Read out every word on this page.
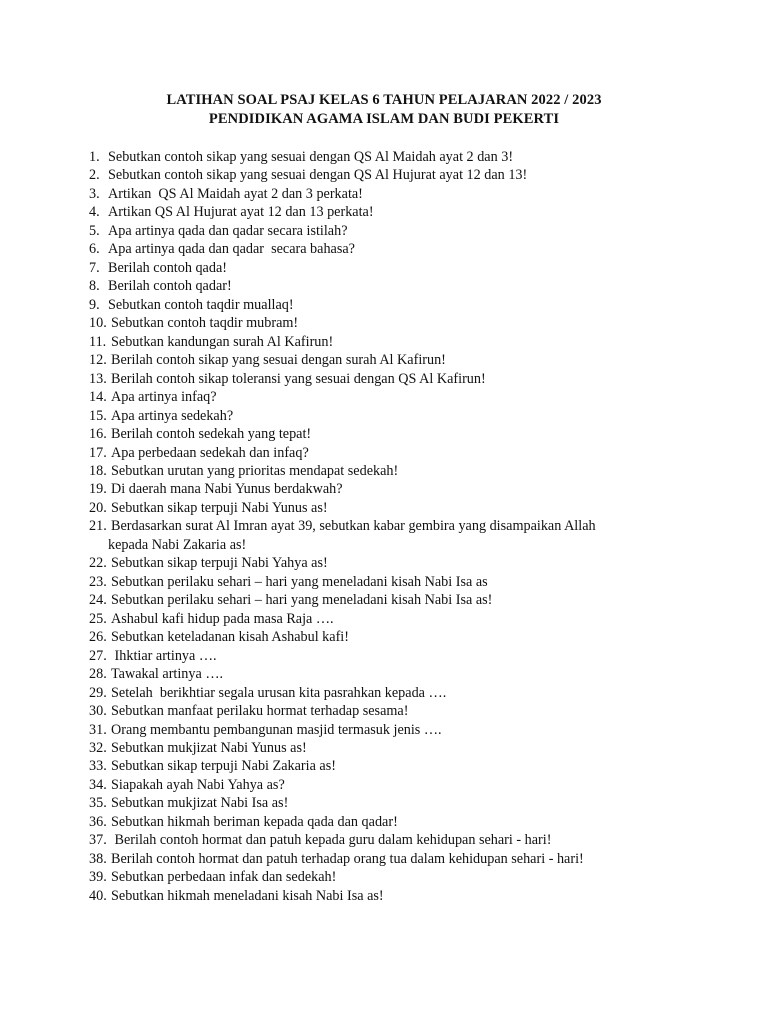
LATIHAN SOAL PSAJ KELAS 6 TAHUN PELAJARAN 2022 / 2023
PENDIDIKAN AGAMA ISLAM DAN BUDI PEKERTI
1. Sebutkan contoh sikap yang sesuai dengan QS Al Maidah ayat 2 dan 3!
2. Sebutkan contoh sikap yang sesuai dengan QS Al Hujurat ayat 12 dan 13!
3. Artikan  QS Al Maidah ayat 2 dan 3 perkata!
4. Artikan QS Al Hujurat ayat 12 dan 13 perkata!
5. Apa artinya qada dan qadar secara istilah?
6. Apa artinya qada dan qadar  secara bahasa?
7. Berilah contoh qada!
8. Berilah contoh qadar!
9. Sebutkan contoh taqdir muallaq!
10. Sebutkan contoh taqdir mubram!
11. Sebutkan kandungan surah Al Kafirun!
12. Berilah contoh sikap yang sesuai dengan surah Al Kafirun!
13. Berilah contoh sikap toleransi yang sesuai dengan QS Al Kafirun!
14. Apa artinya infaq?
15. Apa artinya sedekah?
16. Berilah contoh sedekah yang tepat!
17. Apa perbedaan sedekah dan infaq?
18. Sebutkan urutan yang prioritas mendapat sedekah!
19. Di daerah mana Nabi Yunus berdakwah?
20. Sebutkan sikap terpuji Nabi Yunus as!
21. Berdasarkan surat Al Imran ayat 39, sebutkan kabar gembira yang disampaikan Allah
kepada Nabi Zakaria as!
22. Sebutkan sikap terpuji Nabi Yahya as!
23. Sebutkan perilaku sehari – hari yang meneladani kisah Nabi Isa as
24. Sebutkan perilaku sehari – hari yang meneladani kisah Nabi Isa as!
25. Ashabul kafi hidup pada masa Raja ….
26. Sebutkan keteladanan kisah Ashabul kafi!
27. Ihktiar artinya ….
28. Tawakal artinya ….
29. Setelah  berikhtiar segala urusan kita pasrahkan kepada ….
30. Sebutkan manfaat perilaku hormat terhadap sesama!
31. Orang membantu pembangunan masjid termasuk jenis ….
32. Sebutkan mukjizat Nabi Yunus as!
33. Sebutkan sikap terpuji Nabi Zakaria as!
34. Siapakah ayah Nabi Yahya as?
35. Sebutkan mukjizat Nabi Isa as!
36. Sebutkan hikmah beriman kepada qada dan qadar!
37. Berilah contoh hormat dan patuh kepada guru dalam kehidupan sehari - hari!
38. Berilah contoh hormat dan patuh terhadap orang tua dalam kehidupan sehari - hari!
39. Sebutkan perbedaan infak dan sedekah!
40. Sebutkan hikmah meneladani kisah Nabi Isa as!
